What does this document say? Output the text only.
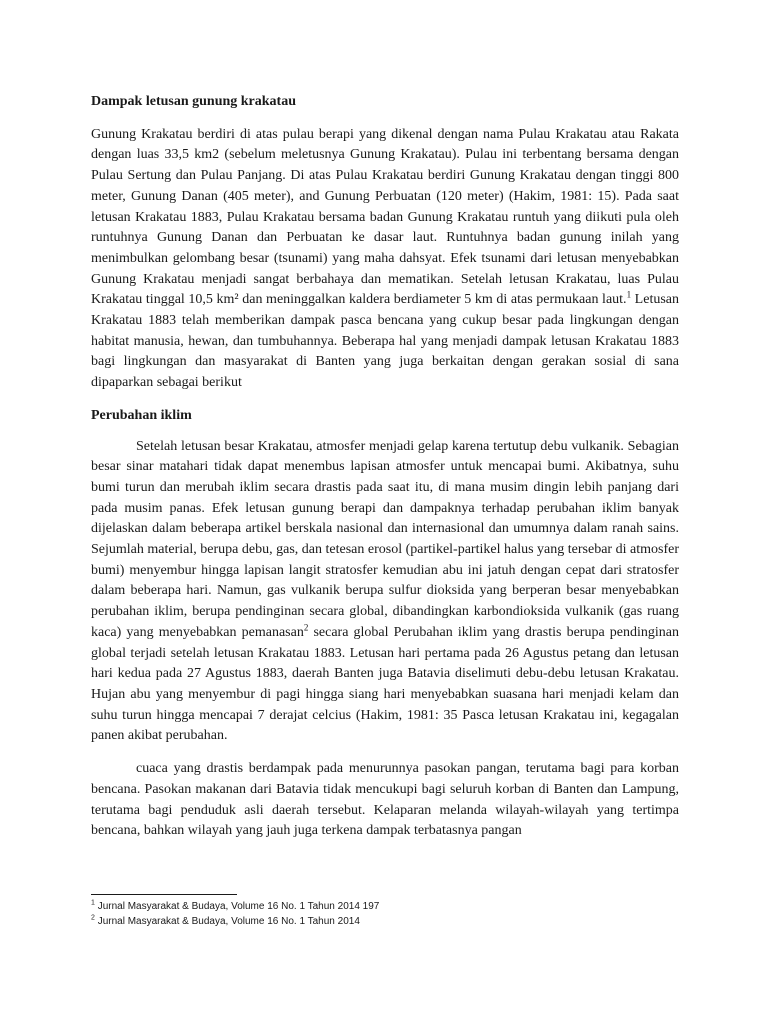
Dampak letusan gunung krakatau

Gunung Krakatau berdiri di atas pulau berapi yang dikenal dengan nama Pulau Krakatau atau Rakata dengan luas 33,5 km2 (sebelum meletusnya Gunung Krakatau). Pulau ini terbentang bersama dengan Pulau Sertung dan Pulau Panjang. Di atas Pulau Krakatau berdiri Gunung Krakatau dengan tinggi 800 meter, Gunung Danan (405 meter), and Gunung Perbuatan (120 meter) (Hakim, 1981: 15). Pada saat letusan Krakatau 1883, Pulau Krakatau bersama badan Gunung Krakatau runtuh yang diikuti pula oleh runtuhnya Gunung Danan dan Perbuatan ke dasar laut. Runtuhnya badan gunung inilah yang menimbulkan gelombang besar (tsunami) yang maha dahsyat. Efek tsunami dari letusan menyebabkan Gunung Krakatau menjadi sangat berbahaya dan mematikan. Setelah letusan Krakatau, luas Pulau Krakatau tinggal 10,5 km² dan meninggalkan kaldera berdiameter 5 km di atas permukaan laut.$^1$ Letusan Krakatau 1883 telah memberikan dampak pasca bencana yang cukup besar pada lingkungan dengan habitat manusia, hewan, dan tumbuhannya. Beberapa hal yang menjadi dampak letusan Krakatau 1883 bagi lingkungan dan masyarakat di Banten yang juga berkaitan dengan gerakan sosial di sana dipaparkan sebagai berikut

Perubahan iklim

Setelah letusan besar Krakatau, atmosfer menjadi gelap karena tertutup debu vulkanik. Sebagian besar sinar matahari tidak dapat menembus lapisan atmosfer untuk mencapai bumi. Akibatnya, suhu bumi turun dan merubah iklim secara drastis pada saat itu, di mana musim dingin lebih panjang dari pada musim panas. Efek letusan gunung berapi dan dampaknya terhadap perubahan iklim banyak dijelaskan dalam beberapa artikel berskala nasional dan internasional dan umumnya dalam ranah sains. Sejumlah material, berupa debu, gas, dan tetesan erosol (partikel-partikel halus yang tersebar di atmosfer bumi) menyembur hingga lapisan langit stratosfer kemudian abu ini jatuh dengan cepat dari stratosfer dalam beberapa hari. Namun, gas vulkanik berupa sulfur dioksida yang berperan besar menyebabkan perubahan iklim, berupa pendinginan secara global, dibandingkan karbondioksida vulkanik (gas ruang kaca) yang menyebabkan pemanasan$^2$ secara global Perubahan iklim yang drastis berupa pendinginan global terjadi setelah letusan Krakatau 1883. Letusan hari pertama pada 26 Agustus petang dan letusan hari kedua pada 27 Agustus 1883, daerah Banten juga Batavia diselimuti debu-debu letusan Krakatau. Hujan abu yang menyembur di pagi hingga siang hari menyebabkan suasana hari menjadi kelam dan suhu turun hingga mencapai 7 derajat celcius (Hakim, 1981: 35 Pasca letusan Krakatau ini, kegagalan panen akibat perubahan.

cuaca yang drastis berdampak pada menurunnya pasokan pangan, terutama bagi para korban bencana. Pasokan makanan dari Batavia tidak mencukupi bagi seluruh korban di Banten dan Lampung, terutama bagi penduduk asli daerah tersebut. Kelaparan melanda wilayah-wilayah yang tertimpa bencana, bahkan wilayah yang jauh juga terkena dampak terbatasnya pangan

$^1$ Jurnal Masyarakat & Budaya, Volume 16 No. 1 Tahun 2014 197
$^2$ Jurnal Masyarakat & Budaya, Volume 16 No. 1 Tahun 2014
